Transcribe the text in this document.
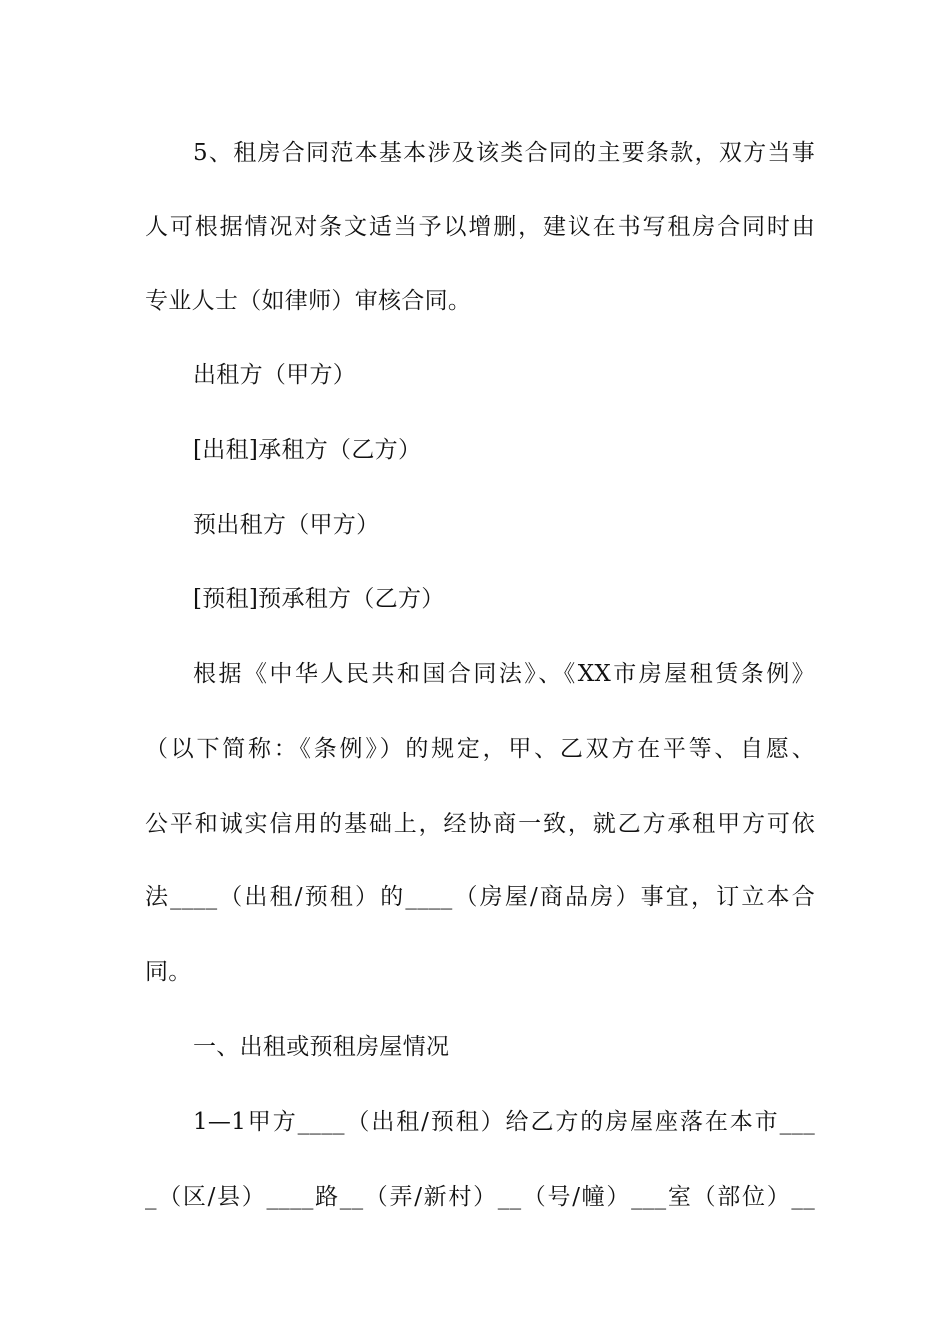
5、租房合同范本基本涉及该类合同的主要条款，双方当事
人可根据情况对条文适当予以增删，建议在书写租房合同时由
专业人士（如律师）审核合同。
出租方（甲方）
[出租]承租方（乙方）
预出租方（甲方）
[预租]预承租方（乙方）
根据《中华人民共和国合同法》、《XX市房屋租赁条例》
（以下简称：《条例》）的规定，甲、乙双方在平等、自愿、
公平和诚实信用的基础上，经协商一致，就乙方承租甲方可依
法____（出租/预租）的____（房屋/商品房）事宜，订立本合
同。
一、出租或预租房屋情况
1—1甲方____（出租/预租）给乙方的房屋座落在本市___
_（区/县）____路__（弄/新村）__（号/幢）___室（部位）__
